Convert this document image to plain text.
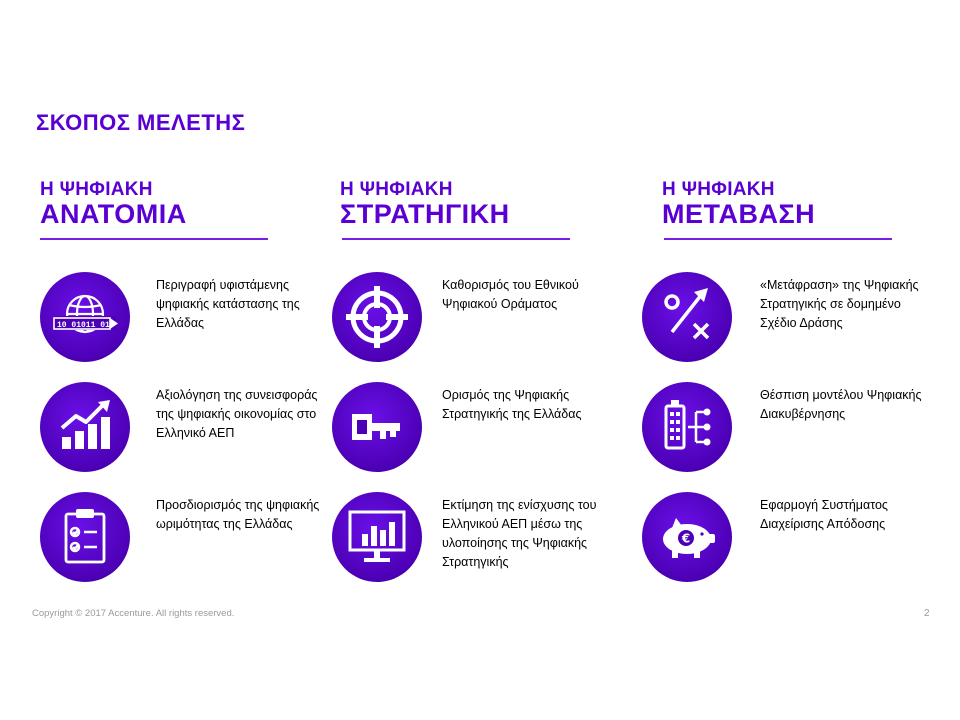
ΣΚΟΠΟΣ ΜΕΛΕΤΗΣ
Η ΨΗΦΙΑΚΗ
ΑΝΑΤΟΜΙΑ
10 01011 01
Περιγραφή υφιστάμενης ψηφιακής κατάστασης της Ελλάδας
Αξιολόγηση της συνεισφοράς της ψηφιακής οικονομίας στο Ελληνικό ΑΕΠ
Προσδιορισμός της ψηφιακής ωριμότητας της Ελλάδας
Η ΨΗΦΙΑΚΗ
ΣΤΡΑΤΗΓΙΚΗ
Καθορισμός του Εθνικού Ψηφιακού Οράματος
Ορισμός της Ψηφιακής Στρατηγικής της Ελλάδας
Εκτίμηση της ενίσχυσης του Ελληνικού ΑΕΠ μέσω της υλοποίησης της Ψηφιακής Στρατηγικής
Η ΨΗΦΙΑΚΗ
ΜΕΤΑΒΑΣΗ
«Μετάφραση» της Ψηφιακής Στρατηγικής σε δομημένο Σχέδιο Δράσης
Θέσπιση μοντέλου Ψηφιακής Διακυβέρνησης
€
Εφαρμογή Συστήματος Διαχείρισης Απόδοσης
Copyright © 2017 Accenture. All rights reserved.	2
